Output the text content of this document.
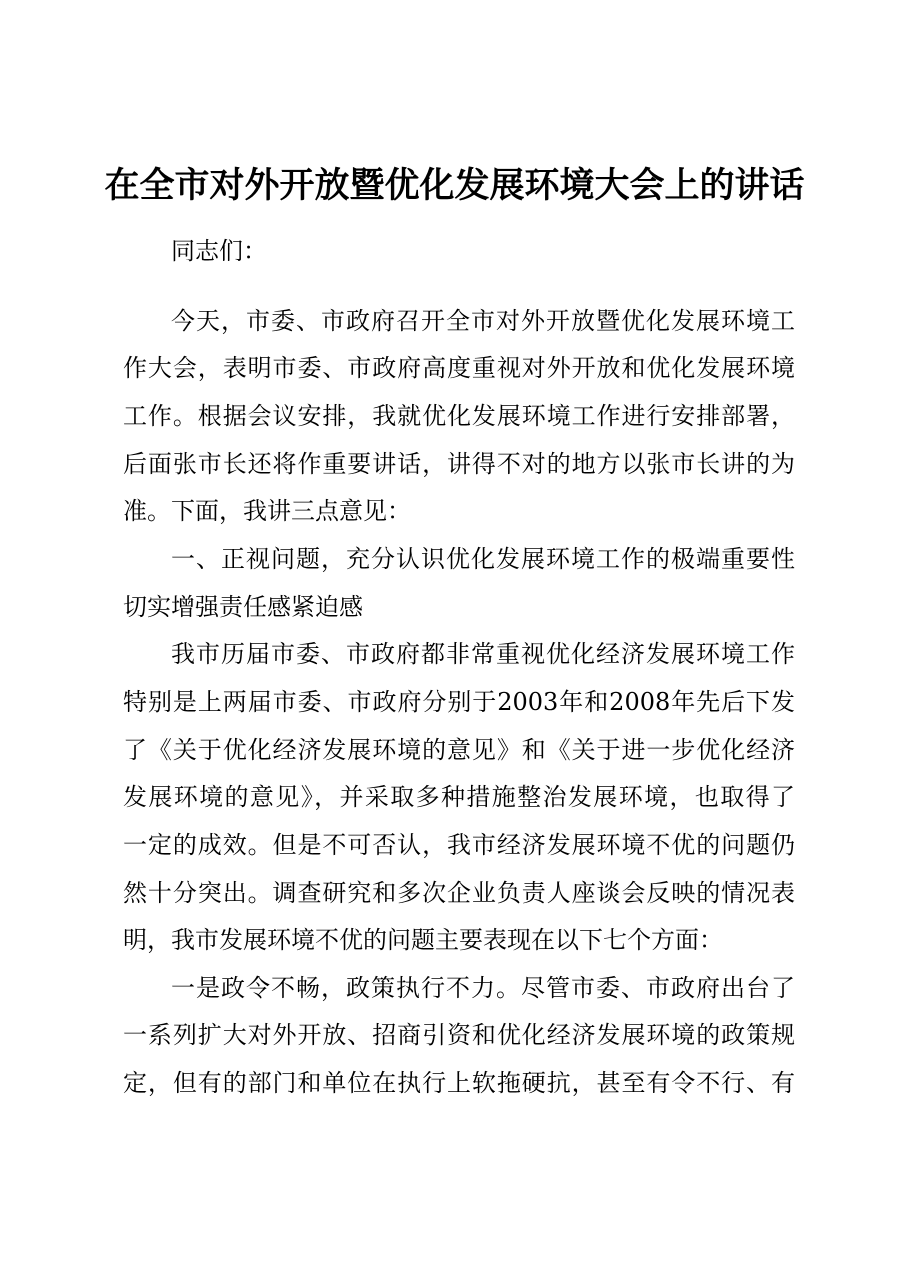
在全市对外开放暨优化发展环境大会上的讲话
同志们：
今天，市委、市政府召开全市对外开放暨优化发展环境工
作大会，表明市委、市政府高度重视对外开放和优化发展环境
工作。根据会议安排，我就优化发展环境工作进行安排部署，
后面张市长还将作重要讲话，讲得不对的地方以张市长讲的为
准。下面，我讲三点意见：
一、正视问题，充分认识优化发展环境工作的极端重要性
切实增强责任感紧迫感
我市历届市委、市政府都非常重视优化经济发展环境工作
特别是上两届市委、市政府分别于2003年和2008年先后下发
了《关于优化经济发展环境的意见》和《关于进一步优化经济
发展环境的意见》，并采取多种措施整治发展环境，也取得了
一定的成效。但是不可否认，我市经济发展环境不优的问题仍
然十分突出。调查研究和多次企业负责人座谈会反映的情况表
明，我市发展环境不优的问题主要表现在以下七个方面：
一是政令不畅，政策执行不力。尽管市委、市政府出台了
一系列扩大对外开放、招商引资和优化经济发展环境的政策规
定，但有的部门和单位在执行上软拖硬抗，甚至有令不行、有
